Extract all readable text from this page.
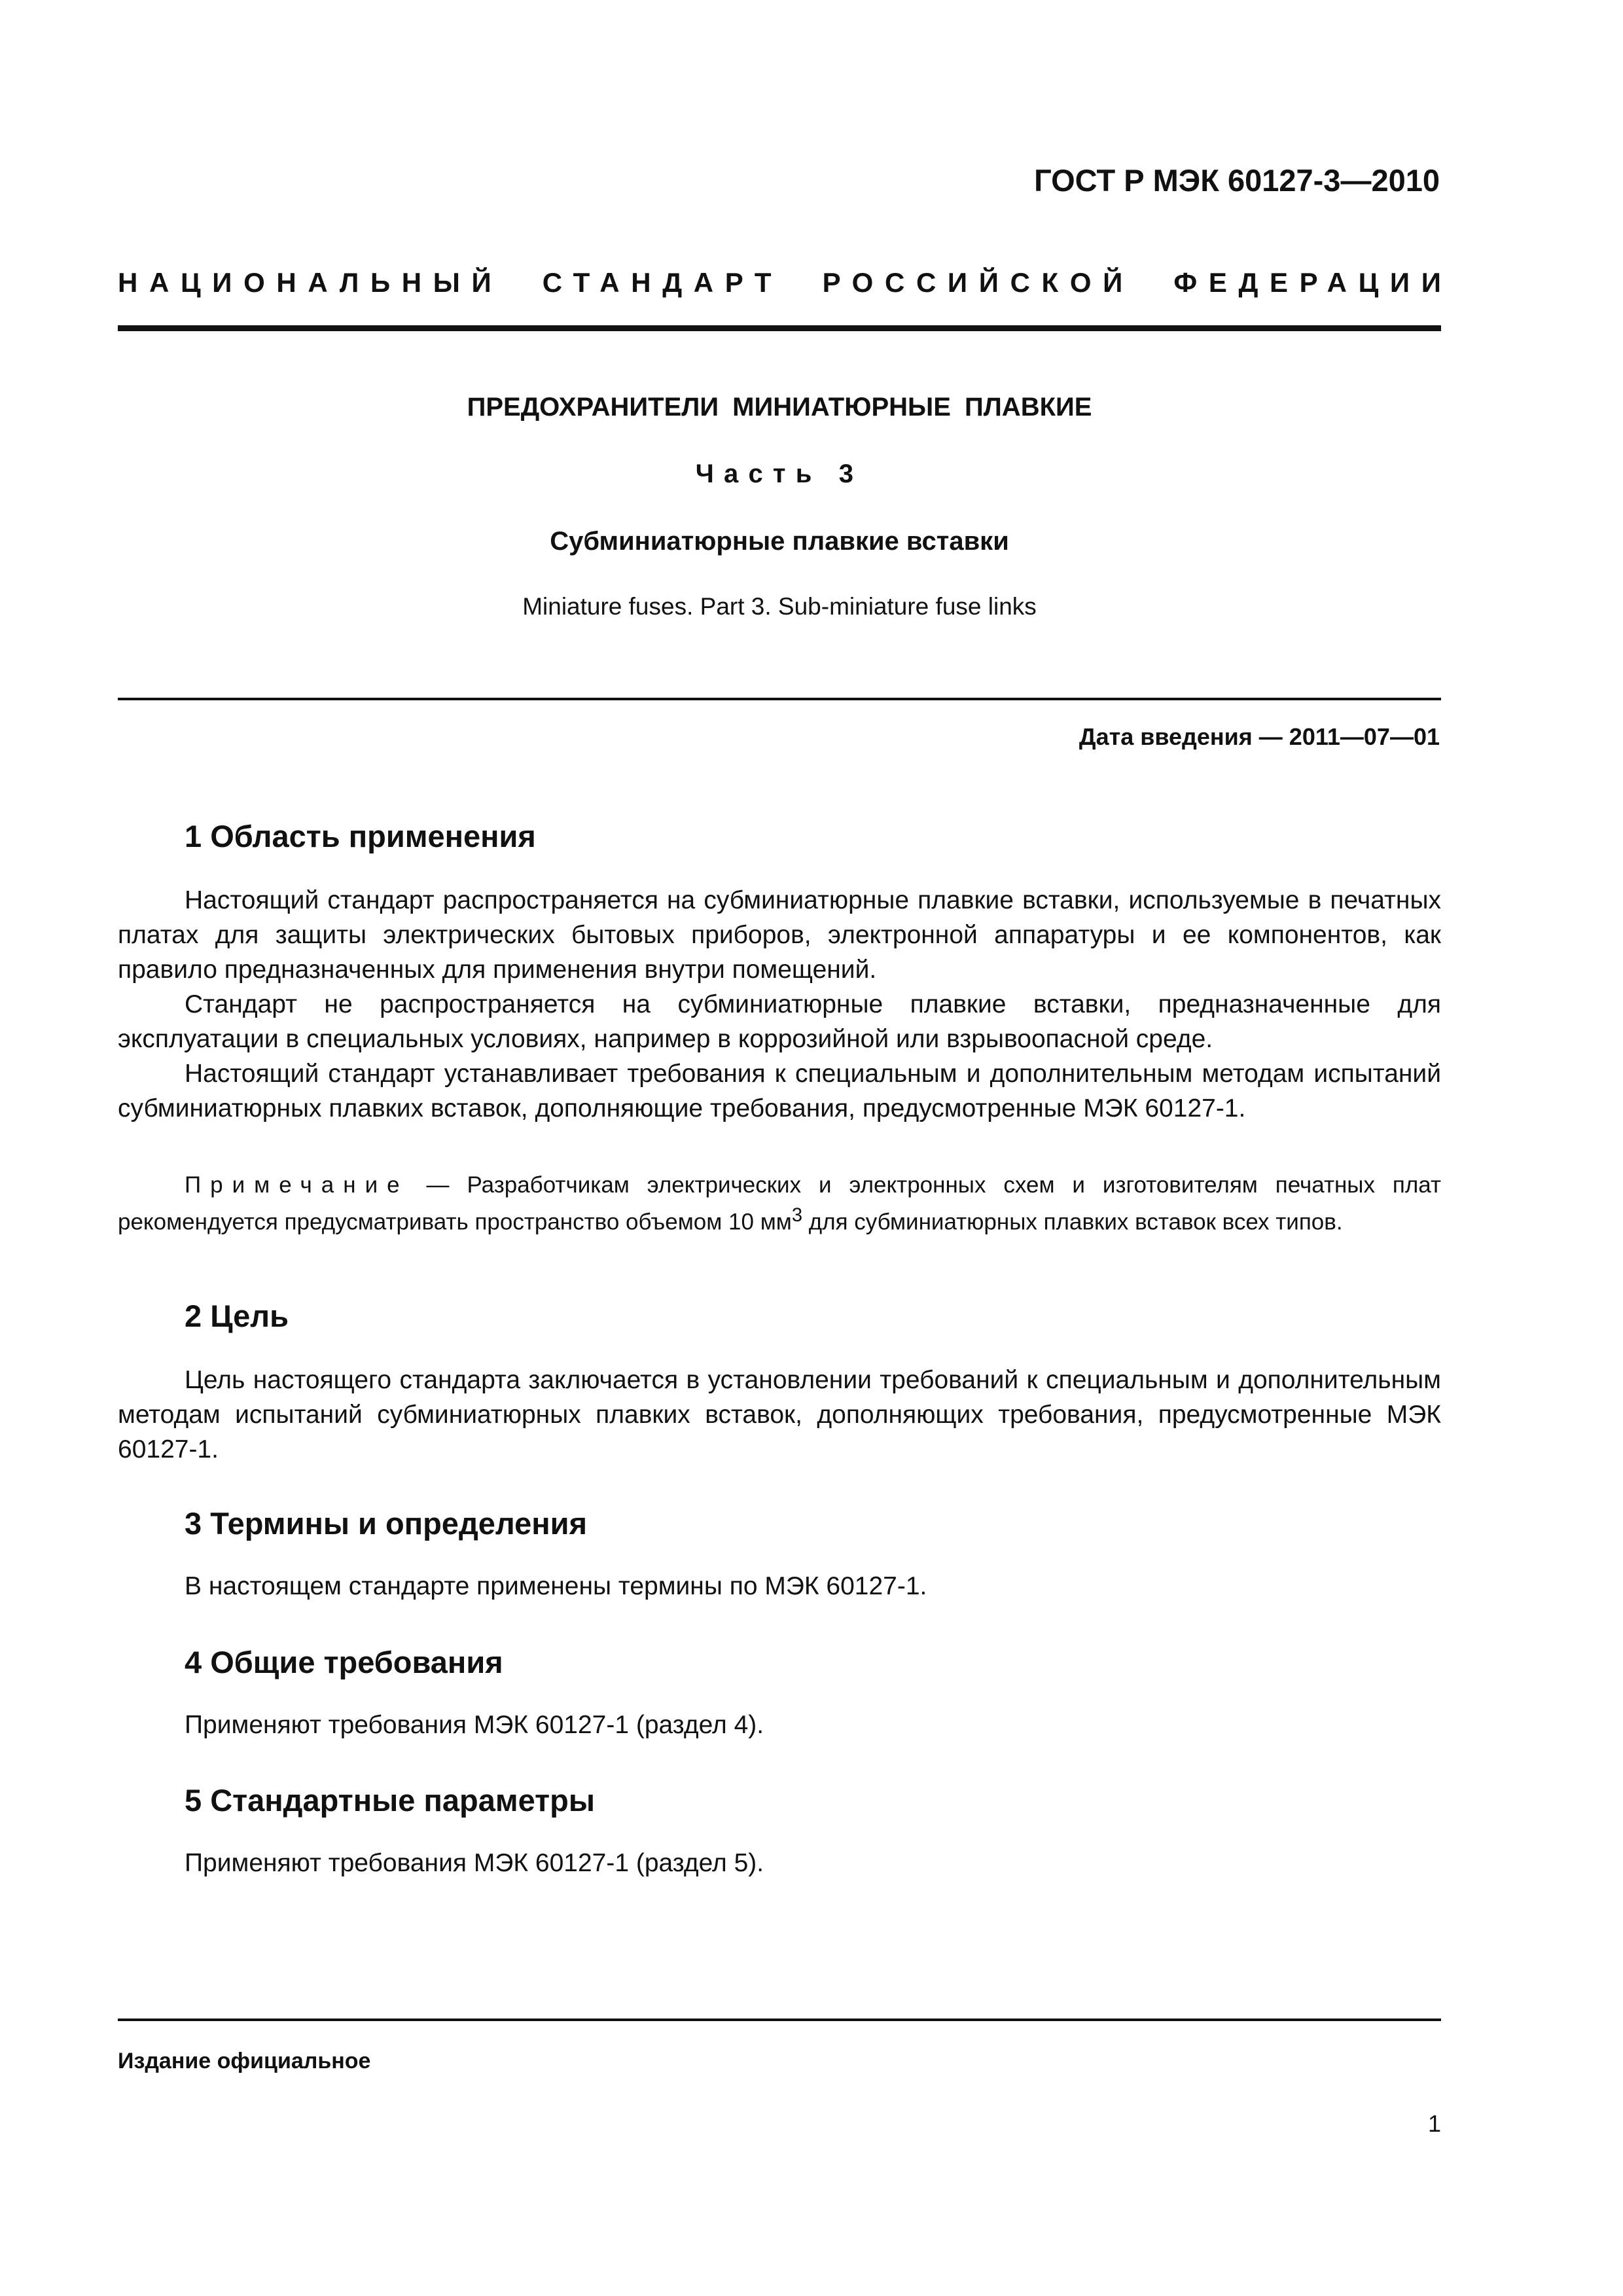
ГОСТ Р МЭК 60127-3—2010
НАЦИОНАЛЬНЫЙ СТАНДАРТ РОССИЙСКОЙ ФЕДЕРАЦИИ
ПРЕДОХРАНИТЕЛИ МИНИАТЮРНЫЕ ПЛАВКИЕ
Часть 3
Субминиатюрные плавкие вставки
Miniature fuses. Part 3. Sub-miniature fuse links
Дата введения — 2011—07—01
1 Область применения
Настоящий стандарт распространяется на субминиатюрные плавкие вставки, используемые в печатных платах для защиты электрических бытовых приборов, электронной аппаратуры и ее компонентов, как правило предназначенных для применения внутри помещений.
Стандарт не распространяется на субминиатюрные плавкие вставки, предназначенные для эксплуатации в специальных условиях, например в коррозийной или взрывоопасной среде.
Настоящий стандарт устанавливает требования к специальным и дополнительным методам испытаний субминиатюрных плавких вставок, дополняющие требования, предусмотренные МЭК 60127-1.
Примечание — Разработчикам электрических и электронных схем и изготовителям печатных плат рекомендуется предусматривать пространство объемом 10 $мм^3$ для субминиатюрных плавких вставок всех типов.
2 Цель
Цель настоящего стандарта заключается в установлении требований к специальным и дополнительным методам испытаний субминиатюрных плавких вставок, дополняющих требования, предусмотренные МЭК 60127-1.
3 Термины и определения
В настоящем стандарте применены термины по МЭК 60127-1.
4 Общие требования
Применяют требования МЭК 60127-1 (раздел 4).
5 Стандартные параметры
Применяют требования МЭК 60127-1 (раздел 5).
Издание официальное
1
